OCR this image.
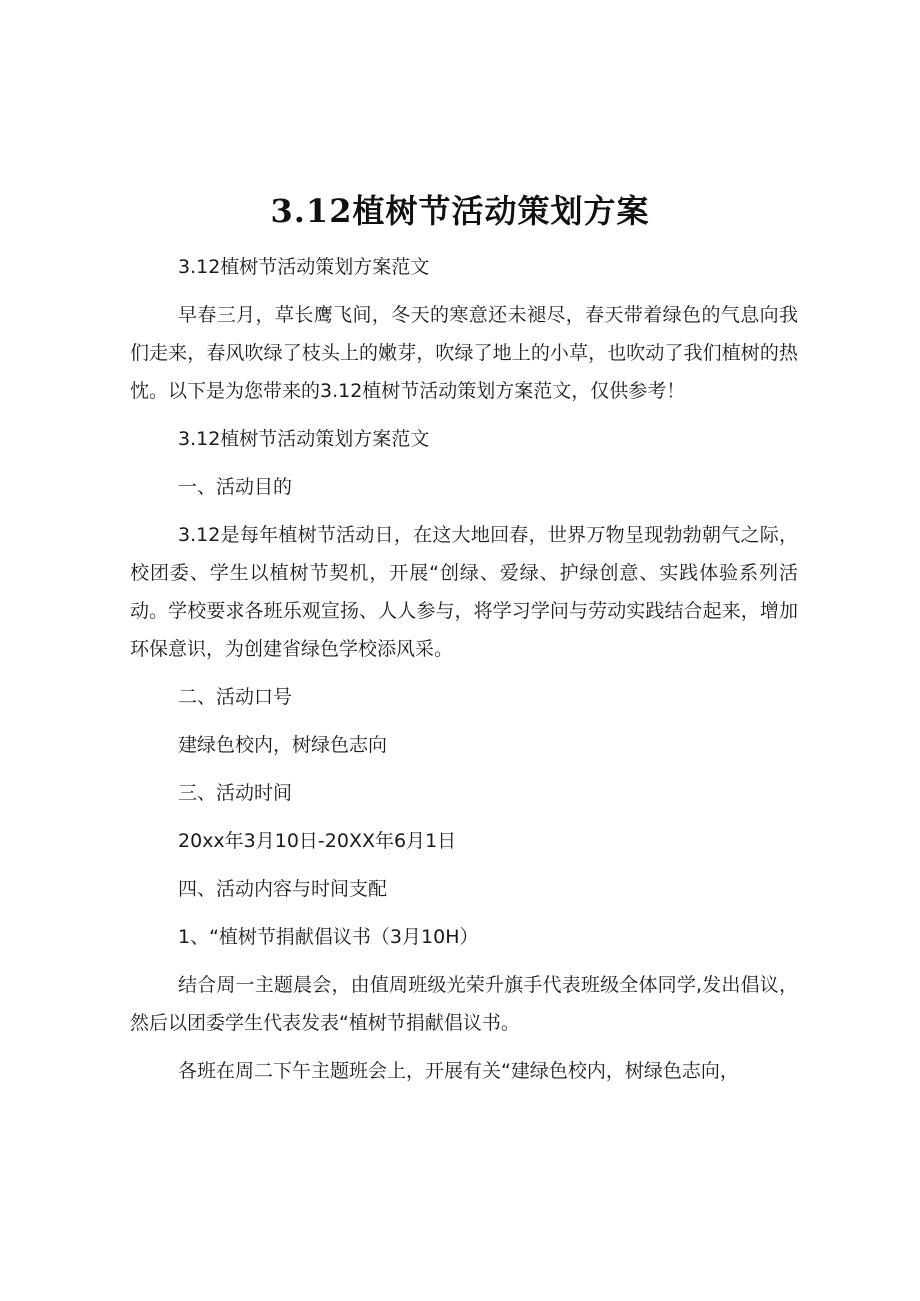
3.12植树节活动策划方案

3.12植树节活动策划方案范文

早春三月，草长鹰飞间，冬天的寒意还未褪尽，春天带着绿色的气息向我们走来，春风吹绿了枝头上的嫩芽，吹绿了地上的小草，也吹动了我们植树的热忱。以下是为您带来的3.12植树节活动策划方案范文，仅供参考！

3.12植树节活动策划方案范文

一、活动目的

3.12是每年植树节活动日，在这大地回春，世界万物呈现勃勃朝气之际，校团委、学生以植树节契机，开展“创绿、爱绿、护绿创意、实践体验系列活动。学校要求各班乐观宣扬、人人参与，将学习学问与劳动实践结合起来，增加环保意识，为创建省绿色学校添风采。

二、活动口号

建绿色校内，树绿色志向

三、活动时间

20xx年3月10日-20XX年6月1日

四、活动内容与时间支配

1、“植树节捐献倡议书（3月10H）

结合周一主题晨会，由值周班级光荣升旗手代表班级全体同学,发出倡议，然后以团委学生代表发表“植树节捐献倡议书。

各班在周二下午主题班会上，开展有关“建绿色校内，树绿色志向，
